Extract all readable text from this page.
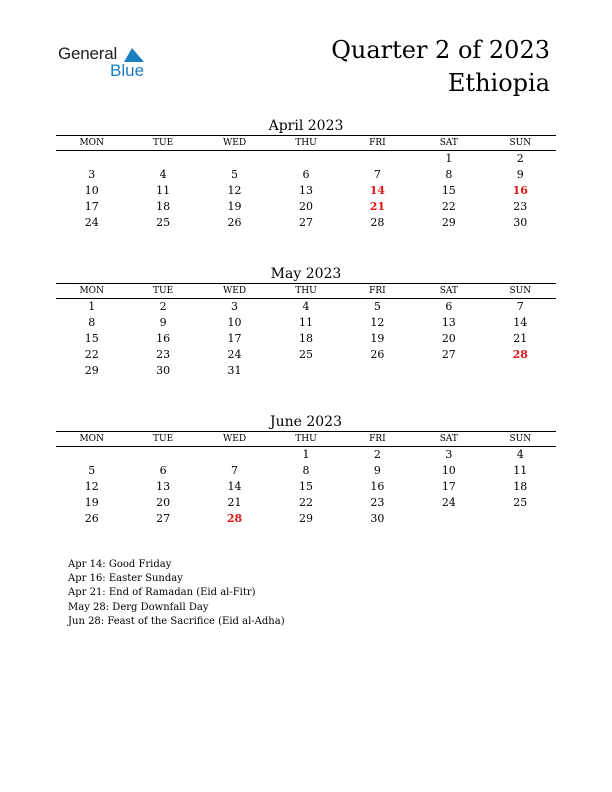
General
Blue
Quarter 2 of 2023
Ethiopia
April 2023
MON	TUE	WED	THU	FRI	SAT	SUN
					1	2
3	4	5	6	7	8	9
10	11	12	13	14	15	16
17	18	19	20	21	22	23
24	25	26	27	28	29	30
May 2023
MON	TUE	WED	THU	FRI	SAT	SUN
1	2	3	4	5	6	7
8	9	10	11	12	13	14
15	16	17	18	19	20	21
22	23	24	25	26	27	28
29	30	31				
June 2023
MON	TUE	WED	THU	FRI	SAT	SUN
			1	2	3	4
5	6	7	8	9	10	11
12	13	14	15	16	17	18
19	20	21	22	23	24	25
26	27	28	29	30		
Apr 14: Good Friday
Apr 16: Easter Sunday
Apr 21: End of Ramadan (Eid al-Fitr)
May 28: Derg Downfall Day
Jun 28: Feast of the Sacrifice (Eid al-Adha)
